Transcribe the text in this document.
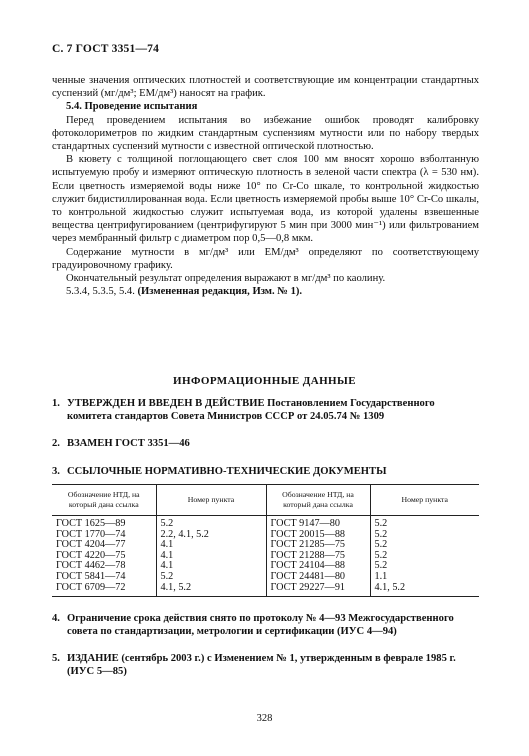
С. 7 ГОСТ 3351—74

ченные значения оптических плотностей и соответствующие им концентрации стандартных суспензий (мг/дм³; ЕМ/дм³) наносят на график.

5.4. Проведение испытания

Перед проведением испытания во избежание ошибок проводят калибровку фотоколориметров по жидким стандартным суспензиям мутности или по набору твердых стандартных суспензий мутности с известной оптической плотностью.

В кювету с толщиной поглощающего свет слоя 100 мм вносят хорошо взболтанную испытуемую пробу и измеряют оптическую плотность в зеленой части спектра (λ = 530 нм). Если цветность измеряемой воды ниже 10° по Cr-Co шкале, то контрольной жидкостью служит бидистиллированная вода. Если цветность измеряемой пробы выше 10° Cr-Co шкалы, то контрольной жидкостью служит испытуемая вода, из которой удалены взвешенные вещества центрифугированием (центрифугируют 5 мин при 3000 мин⁻¹) или фильтрованием через мембранный фильтр с диаметром пор 0,5—0,8 мкм.

Содержание мутности в мг/дм³ или ЕМ/дм³ определяют по соответствующему градуировочному графику.

Окончательный результат определения выражают в мг/дм³ по каолину.

5.3.4, 5.3.5, 5.4. (Измененная редакция, Изм. № 1).

ИНФОРМАЦИОННЫЕ ДАННЫЕ
1. УТВЕРЖДЕН И ВВЕДЕН В ДЕЙСТВИЕ Постановлением Государственного комитета стандартов Совета Министров СССР от 24.05.74 № 1309
2. ВЗАМЕН ГОСТ 3351—46
3. ССЫЛОЧНЫЕ НОРМАТИВНО-ТЕХНИЧЕСКИЕ ДОКУМЕНТЫ
Обозначение НТД, на который дана ссылка	Номер пункта	Обозначение НТД, на который дана ссылка	Номер пункта
ГОСТ 1625—89	5.2	ГОСТ 9147—80	5.2
ГОСТ 1770—74	2.2, 4.1, 5.2	ГОСТ 20015—88	5.2
ГОСТ 4204—77	4.1	ГОСТ 21285—75	5.2
ГОСТ 4220—75	4.1	ГОСТ 21288—75	5.2
ГОСТ 4462—78	4.1	ГОСТ 24104—88	5.2
ГОСТ 5841—74	5.2	ГОСТ 24481—80	1.1
ГОСТ 6709—72	4.1, 5.2	ГОСТ 29227—91	4.1, 5.2
4. Ограничение срока действия снято по протоколу № 4—93 Межгосударственного совета по стандартизации, метрологии и сертификации (ИУС 4—94)
5. ИЗДАНИЕ (сентябрь 2003 г.) с Изменением № 1, утвержденным в феврале 1985 г. (ИУС 5—85)
328
